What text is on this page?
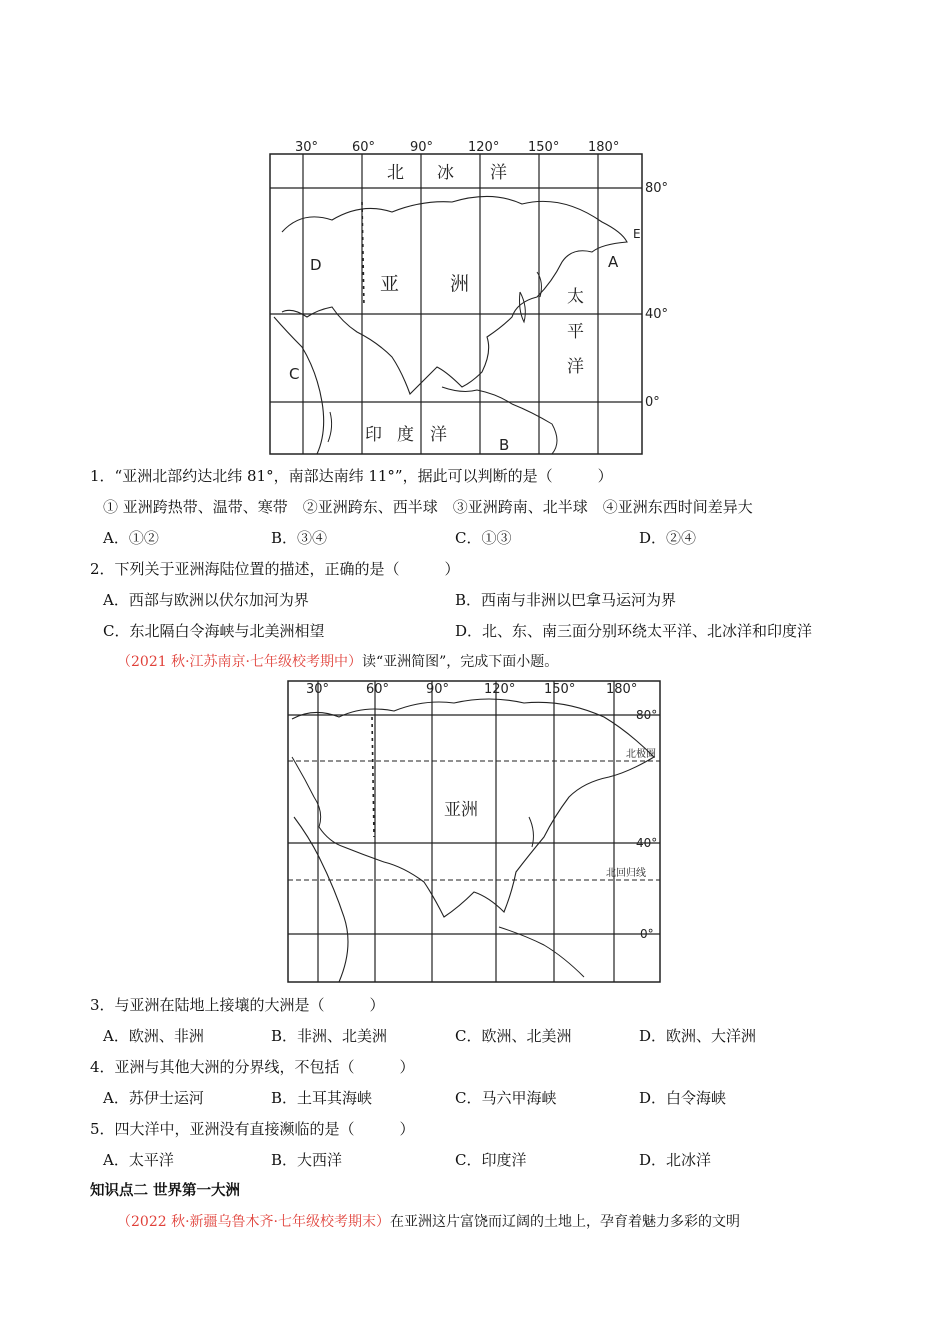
30°	60°	90°	120° 150° 180°
80°
40°
0°
北 冰 洋
太
平
洋
印 度 洋
亚	洲
A
B
C
D
E
1．“亚洲北部约达北纬 81°，南部达南纬 11°”，据此可以判断的是（　　　）
① 亚洲跨热带、温带、寒带　②亚洲跨东、西半球　③亚洲跨南、北半球　④亚洲东西时间差异大
A．①②	B．③④	C．①③	D．②④
2．下列关于亚洲海陆位置的描述，正确的是（　　　）
A．西部与欧洲以伏尔加河为界	B．西南与非洲以巴拿马运河为界
C．东北隔白令海峡与北美洲相望	D．北、东、南三面分别环绕太平洋、北冰洋和印度洋
（2021 秋·江苏南京·七年级校考期中）读“亚洲简图”，完成下面小题。
30°	60°	90°	120° 150° 180°
80°
40°
0°
北极圈
北回归线
亚洲
3．与亚洲在陆地上接壤的大洲是（　　　）
A．欧洲、非洲	B．非洲、北美洲	C．欧洲、北美洲	D．欧洲、大洋洲
4．亚洲与其他大洲的分界线，不包括（　　　）
A．苏伊士运河	B．土耳其海峡	C．马六甲海峡	D．白令海峡
5．四大洋中，亚洲没有直接濒临的是（　　　）
A．太平洋	B．大西洋	C．印度洋	D．北冰洋
知识点二 世界第一大洲
（2022 秋·新疆乌鲁木齐·七年级校考期末）在亚洲这片富饶而辽阔的土地上，孕育着魅力多彩的文明
